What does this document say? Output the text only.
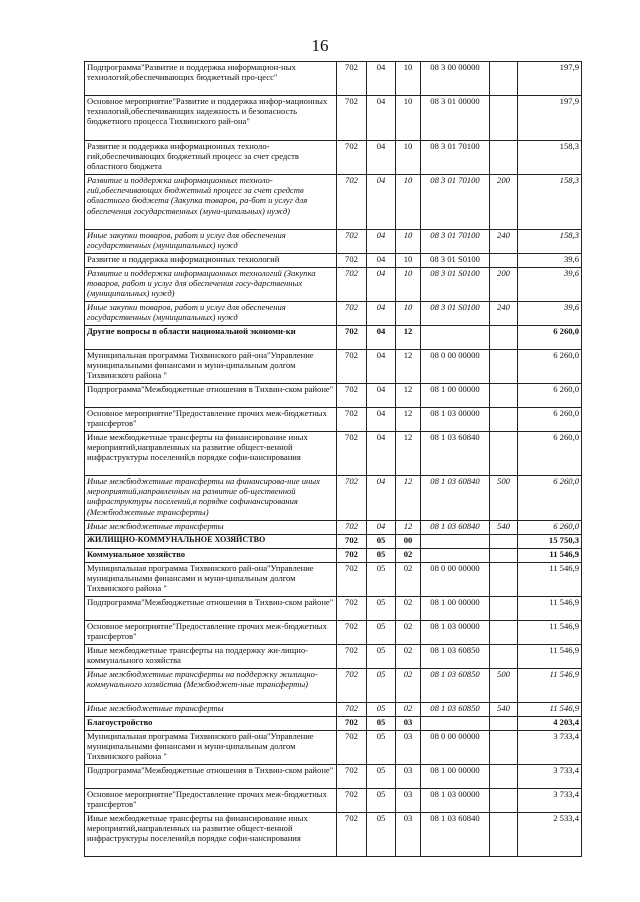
16
Подпрограмма"Развитие и поддержка информацион-ных технологий,обеспечивающих бюджетный про-цесс"	702	04	10	08 3 00 00000		197,9
Основное мероприятие"Развитие и поддержка инфор-мационных технологий,обеспечивающих надежность и безопасность бюджетного процесса Тихвинского рай-она"	702	04	10	08 3 01 00000		197,9
Развитие и поддержка информационных техноло-гий,обеспечивающих бюджетный процесс за счет средств областного бюджета	702	04	10	08 3 01 70100		158,3
Развитие и поддержка информационных техноло-гий,обеспечивающих бюджетный процесс за счет средств областного бюджета (Закупка товаров, ра-бот и услуг для обеспечения государственных (муни-ципальных) нужд)	702	04	10	08 3 01 70100	200	158,3
Иные закупки товаров, работ и услуг для обеспечения государственных (муниципальных) нужд	702	04	10	08 3 01 70100	240	158,3
Развитие и поддержка информационных технологий	702	04	10	08 3 01 S0100		39,6
Развитие и поддержка информационных технологий (Закупка товаров, работ и услуг для обеспечения госу-дарственных (муниципальных) нужд)	702	04	10	08 3 01 S0100	200	39,6
Иные закупки товаров, работ и услуг для обеспечения государственных (муниципальных) нужд	702	04	10	08 3 01 S0100	240	39,6
Другие вопросы в области национальной экономи-ки	702	04	12			6 260,0
Муниципальная программа Тихвинского рай-она"Управление муниципальными финансами и муни-ципальным долгом Тихвинского района "	702	04	12	08 0 00 00000		6 260,0
Подпрограмма"Межбюджетные отношения в Тихвин-ском районе"	702	04	12	08 1 00 00000		6 260,0
Основное мероприятие"Предоставление прочих меж-бюджетных трансфертов"	702	04	12	08 1 03 00000		6 260,0
Иные межбюджетные трансферты на финансирование иных мероприятий,направленных на развитие общест-венной инфраструктуры поселений,в порядке софи-нансирования	702	04	12	08 1 03 60840		6 260,0
Иные межбюджетные трансферты на финансирова-ние иных мероприятий,направленных на развитие об-щественной инфраструктуры поселений,в порядке софинансирования (Межбюджетные трансферты)	702	04	12	08 1 03 60840	500	6 260,0
Иные межбюджетные трансферты	702	04	12	08 1 03 60840	540	6 260,0
ЖИЛИЩНО-КОММУНАЛЬНОЕ ХОЗЯЙСТВО	702	05	00			15 750,3
Коммунальное хозяйство	702	05	02			11 546,9
Муниципальная программа Тихвинского рай-она"Управление муниципальными финансами и муни-ципальным долгом Тихвинского района "	702	05	02	08 0 00 00000		11 546,9
Подпрограмма"Межбюджетные отношения в Тихвин-ском районе"	702	05	02	08 1 00 00000		11 546,9
Основное мероприятие"Предоставление прочих меж-бюджетных трансфертов"	702	05	02	08 1 03 00000		11 546,9
Иные межбюджетные трансферты на поддержку жи-лищно-коммунального хозяйства	702	05	02	08 1 03 60850		11 546,9
Иные межбюджетные трансферты на поддержку жилищно-коммунального хозяйства (Межбюджет-ные трансферты)	702	05	02	08 1 03 60850	500	11 546,9
Иные межбюджетные трансферты	702	05	02	08 1 03 60850	540	11 546,9
Благоустройство	702	05	03			4 203,4
Муниципальная программа Тихвинского рай-она"Управление муниципальными финансами и муни-ципальным долгом Тихвинского района "	702	05	03	08 0 00 00000		3 733,4
Подпрограмма"Межбюджетные отношения в Тихвин-ском районе"	702	05	03	08 1 00 00000		3 733,4
Основное мероприятие"Предоставление прочих меж-бюджетных трансфертов"	702	05	03	08 1 03 00000		3 733,4
Иные межбюджетные трансферты на финансирование иных мероприятий,направленных на развитие общест-венной инфраструктуры поселений,в порядке софи-нансирования	702	05	03	08 1 03 60840		2 533,4
